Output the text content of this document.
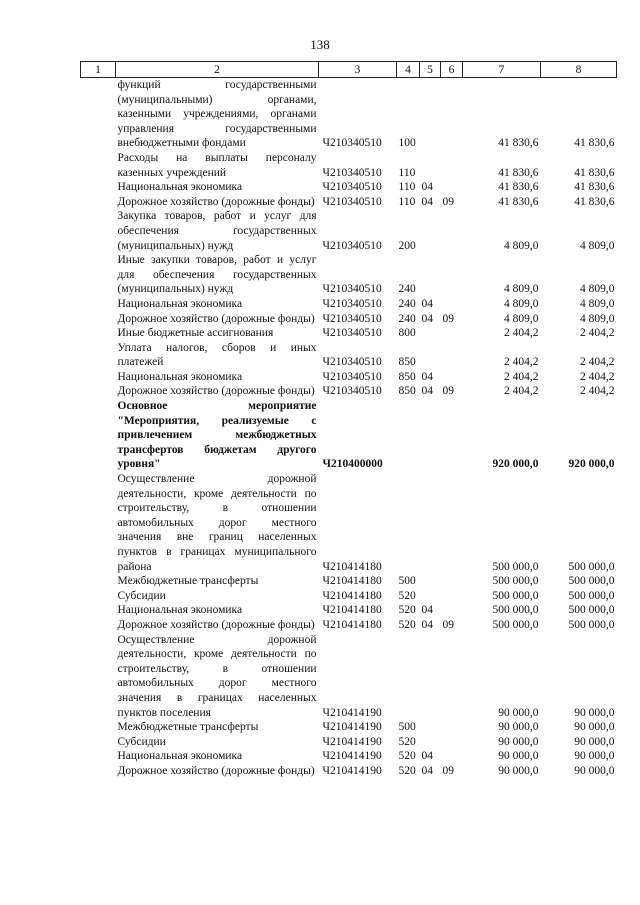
138
1	2	3	4	5	6	7	8
	функций государственными (муниципальными) органами, казенными учреждениями, органами управления государственными внебюджетными фондами	Ч210340510	100			41 830,6	41 830,6
	Расходы на выплаты персоналу казенных учреждений	Ч210340510	110			41 830,6	41 830,6
	Национальная экономика	Ч210340510	110	04		41 830,6	41 830,6
	Дорожное хозяйство (дорожные фонды)	Ч210340510	110	04	09	41 830,6	41 830,6
	Закупка товаров, работ и услуг для обеспечения государственных (муниципальных) нужд	Ч210340510	200			4 809,0	4 809,0
	Иные закупки товаров, работ и услуг для обеспечения государственных (муниципальных) нужд	Ч210340510	240			4 809,0	4 809,0
	Национальная экономика	Ч210340510	240	04		4 809,0	4 809,0
	Дорожное хозяйство (дорожные фонды)	Ч210340510	240	04	09	4 809,0	4 809,0
	Иные бюджетные ассигнования	Ч210340510	800			2 404,2	2 404,2
	Уплата налогов, сборов и иных платежей	Ч210340510	850			2 404,2	2 404,2
	Национальная экономика	Ч210340510	850	04		2 404,2	2 404,2
	Дорожное хозяйство (дорожные фонды)	Ч210340510	850	04	09	2 404,2	2 404,2
	Основное мероприятие "Мероприятия, реализуемые с привлечением межбюджетных трансфертов бюджетам другого уровня"	Ч210400000				920 000,0	920 000,0
	Осуществление дорожной деятельности, кроме деятельности по строительству, в отношении автомобильных дорог местного значения вне границ населенных пунктов в границах муниципального района	Ч210414180				500 000,0	500 000,0
	Межбюджетные трансферты	Ч210414180	500			500 000,0	500 000,0
	Субсидии	Ч210414180	520			500 000,0	500 000,0
	Национальная экономика	Ч210414180	520	04		500 000,0	500 000,0
	Дорожное хозяйство (дорожные фонды)	Ч210414180	520	04	09	500 000,0	500 000,0
	Осуществление дорожной деятельности, кроме деятельности по строительству, в отношении автомобильных дорог местного значения в границах населенных пунктов поселения	Ч210414190				90 000,0	90 000,0
	Межбюджетные трансферты	Ч210414190	500			90 000,0	90 000,0
	Субсидии	Ч210414190	520			90 000,0	90 000,0
	Национальная экономика	Ч210414190	520	04		90 000,0	90 000,0
	Дорожное хозяйство (дорожные фонды)	Ч210414190	520	04	09	90 000,0	90 000,0
